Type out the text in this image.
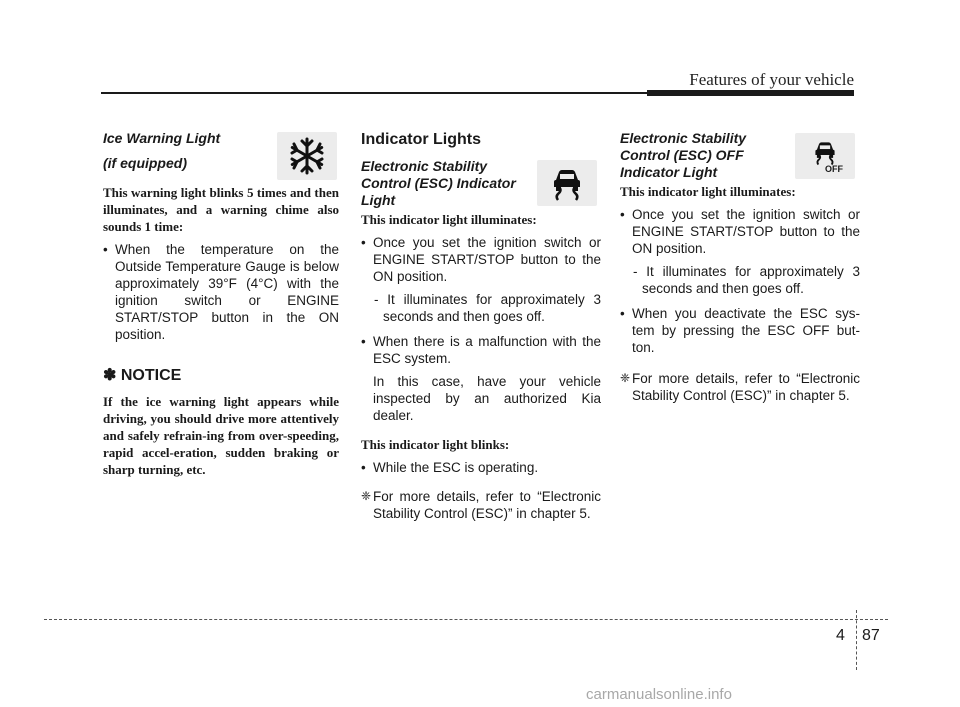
Features of your vehicle
OFF

Ice Warning Light
(if equipped)

This warning light blinks 5 times and then illuminates, and a warning chime also sounds 1 time:

• When the temperature on the Outside Temperature Gauge is below approximately 39°F (4°C) with the ignition switch or ENGINE START/STOP button in the ON position.
✽ NOTICE

If the ice warning light appears while driving, you should drive more attentively and safely refrain-ing from over-speeding, rapid accel-eration, sudden braking or sharp turning, etc.

Indicator Lights

Electronic Stability
Control (ESC) Indicator
Light

This indicator light illuminates:

• Once you set the ignition switch or ENGINE START/STOP button to the ON position.
- It illuminates for approximately 3 seconds and then goes off.
• When there is a malfunction with the ESC system.
In this case, have your vehicle inspected by an authorized Kia dealer.

This indicator light blinks:

• While the ESC is operating.
❈ For more details, refer to “Electronic Stability Control (ESC)” in chapter 5.

Electronic Stability
Control (ESC) OFF
Indicator Light

This indicator light illuminates:

• Once you set the ignition switch or ENGINE START/STOP button to the ON position.
- It illuminates for approximately 3 seconds and then goes off.
• When you deactivate the ESC sys-tem by pressing the ESC OFF but-ton.
❈ For more details, refer to “Electronic Stability Control (ESC)” in chapter 5.
4 87
carmanualsonline.info
